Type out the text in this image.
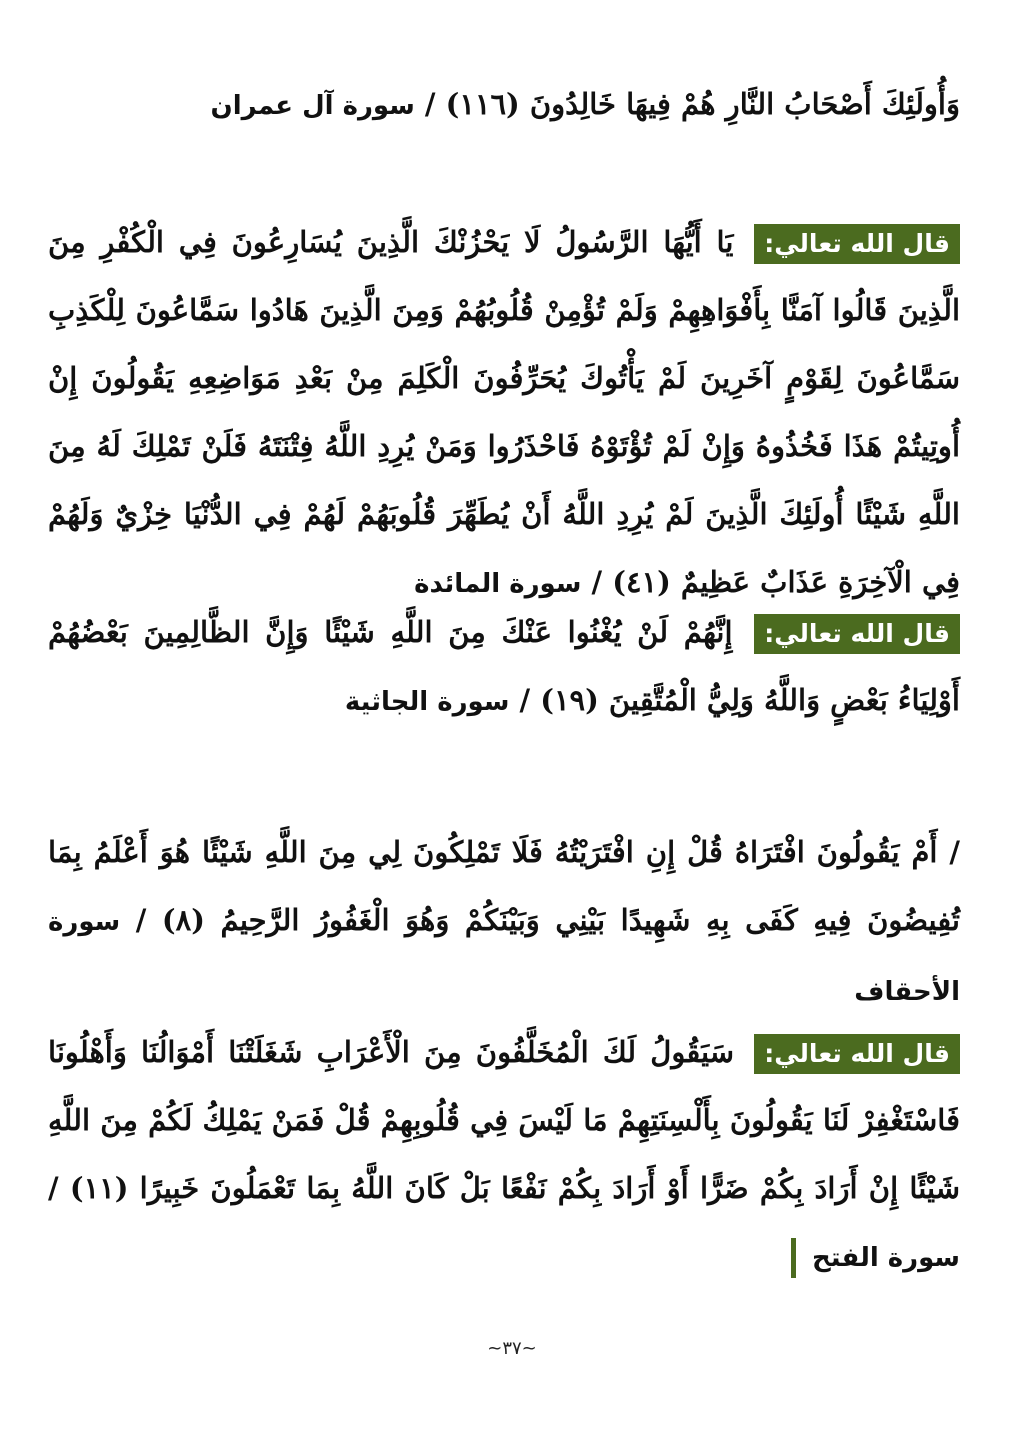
وَأُولَئِكَ أَصْحَابُ النَّارِ هُمْ فِيهَا خَالِدُونَ (١١٦) / سورة آل عمران

قال الله تعالي: يَا أَيُّهَا الرَّسُولُ لَا يَحْزُنْكَ الَّذِينَ يُسَارِعُونَ فِي الْكُفْرِ مِنَ الَّذِينَ قَالُوا آمَنَّا بِأَفْوَاهِهِمْ وَلَمْ تُؤْمِنْ قُلُوبُهُمْ وَمِنَ الَّذِينَ هَادُوا سَمَّاعُونَ لِلْكَذِبِ سَمَّاعُونَ لِقَوْمٍ آخَرِينَ لَمْ يَأْتُوكَ يُحَرِّفُونَ الْكَلِمَ مِنْ بَعْدِ مَوَاضِعِهِ يَقُولُونَ إِنْ أُوتِيتُمْ هَذَا فَخُذُوهُ وَإِنْ لَمْ تُؤْتَوْهُ فَاحْذَرُوا وَمَنْ يُرِدِ اللَّهُ فِتْنَتَهُ فَلَنْ تَمْلِكَ لَهُ مِنَ اللَّهِ شَيْئًا أُولَئِكَ الَّذِينَ لَمْ يُرِدِ اللَّهُ أَنْ يُطَهِّرَ قُلُوبَهُمْ لَهُمْ فِي الدُّنْيَا خِزْيٌ وَلَهُمْ فِي الْآخِرَةِ عَذَابٌ عَظِيمٌ (٤١) / سورة المائدة

قال الله تعالي: إِنَّهُمْ لَنْ يُغْنُوا عَنْكَ مِنَ اللَّهِ شَيْئًا وَإِنَّ الظَّالِمِينَ بَعْضُهُمْ أَوْلِيَاءُ بَعْضٍ وَاللَّهُ وَلِيُّ الْمُتَّقِينَ (١٩) / سورة الجاثية

/ أَمْ يَقُولُونَ افْتَرَاهُ قُلْ إِنِ افْتَرَيْتُهُ فَلَا تَمْلِكُونَ لِي مِنَ اللَّهِ شَيْئًا هُوَ أَعْلَمُ بِمَا تُفِيضُونَ فِيهِ كَفَى بِهِ شَهِيدًا بَيْنِي وَبَيْنَكُمْ وَهُوَ الْغَفُورُ الرَّحِيمُ (٨) / سورة الأحقاف

قال الله تعالي: سَيَقُولُ لَكَ الْمُخَلَّفُونَ مِنَ الْأَعْرَابِ شَغَلَتْنَا أَمْوَالُنَا وَأَهْلُونَا فَاسْتَغْفِرْ لَنَا يَقُولُونَ بِأَلْسِنَتِهِمْ مَا لَيْسَ فِي قُلُوبِهِمْ قُلْ فَمَنْ يَمْلِكُ لَكُمْ مِنَ اللَّهِ شَيْئًا إِنْ أَرَادَ بِكُمْ ضَرًّا أَوْ أَرَادَ بِكُمْ نَفْعًا بَلْ كَانَ اللَّهُ بِمَا تَعْمَلُونَ خَبِيرًا (١١) / سورة الفتح

~٣٧~
